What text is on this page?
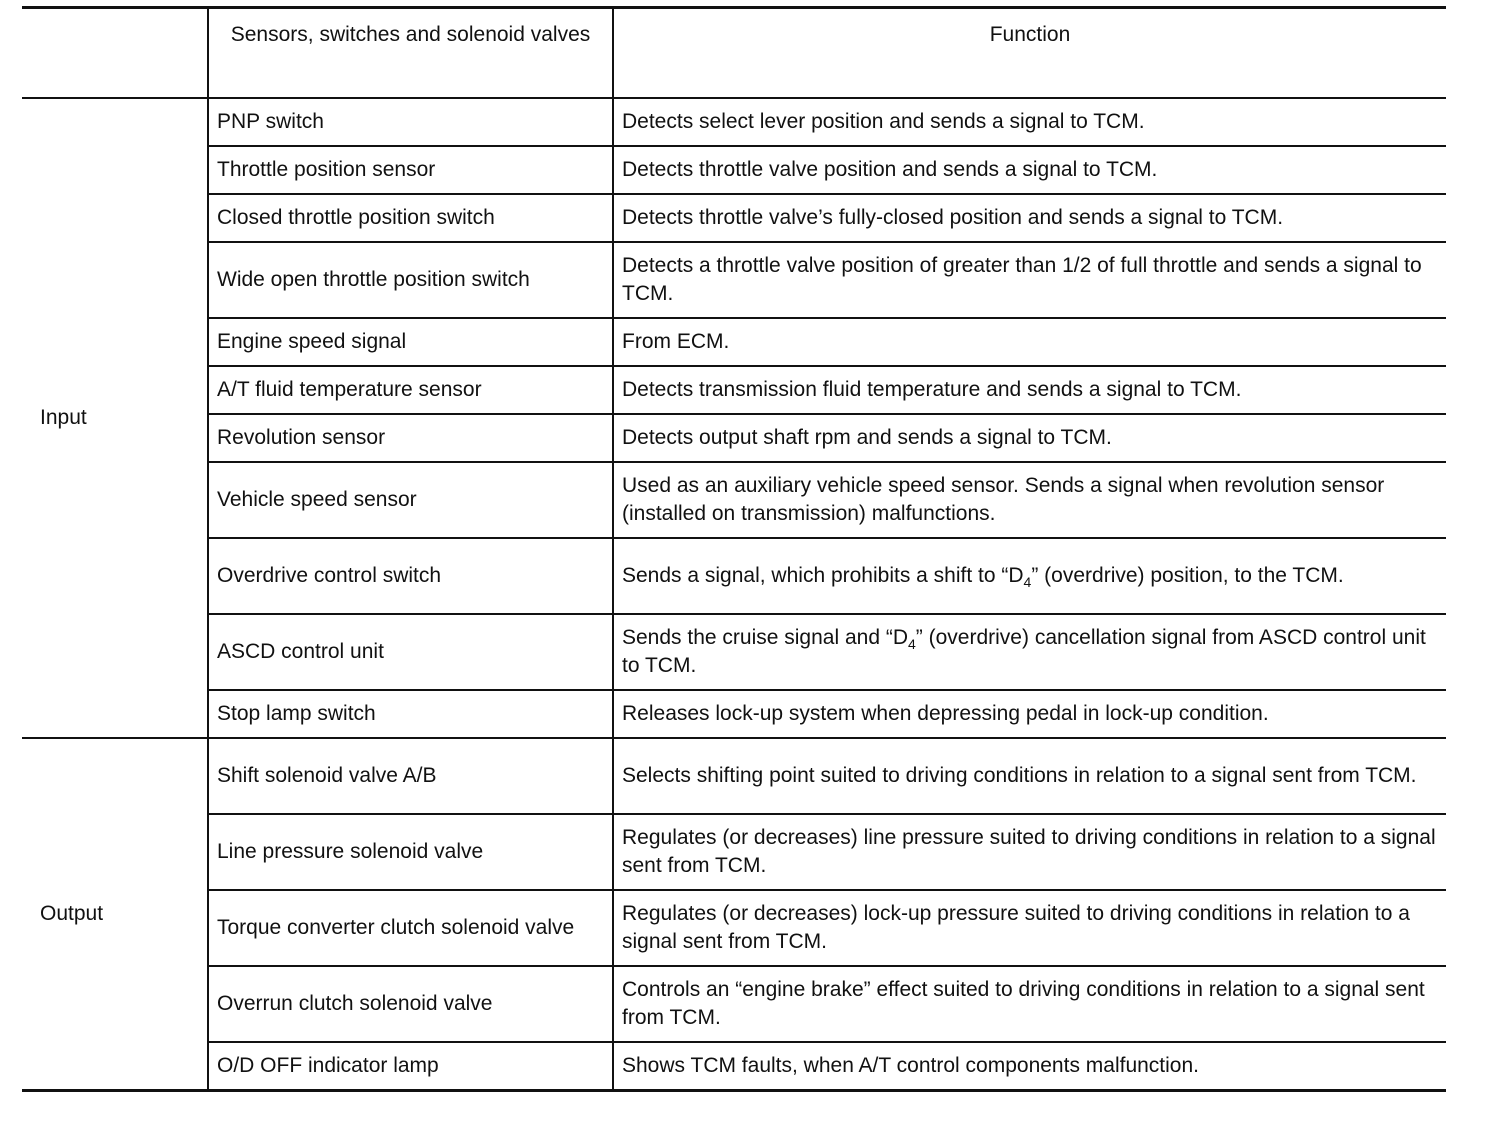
	Sensors, switches and solenoid valves	Function
Input	PNP switch	Detects select lever position and sends a signal to TCM.
	Throttle position sensor	Detects throttle valve position and sends a signal to TCM.
	Closed throttle position switch	Detects throttle valve’s fully-closed position and sends a signal to TCM.
	Wide open throttle position switch	Detects a throttle valve position of greater than 1/2 of full throttle and sends a signal to TCM.
	Engine speed signal	From ECM.
	A/T fluid temperature sensor	Detects transmission fluid temperature and sends a signal to TCM.
	Revolution sensor	Detects output shaft rpm and sends a signal to TCM.
	Vehicle speed sensor	Used as an auxiliary vehicle speed sensor. Sends a signal when revolution sensor (installed on transmission) malfunctions.
	Overdrive control switch	Sends a signal, which prohibits a shift to “$D_4$” (overdrive) position, to the TCM.
	ASCD control unit	Sends the cruise signal and “$D_4$” (overdrive) cancellation signal from ASCD control unit to TCM.
	Stop lamp switch	Releases lock-up system when depressing pedal in lock-up condition.
Output	Shift solenoid valve A/B	Selects shifting point suited to driving conditions in relation to a signal sent from TCM.
	Line pressure solenoid valve	Regulates (or decreases) line pressure suited to driving conditions in relation to a signal sent from TCM.
	Torque converter clutch solenoid valve	Regulates (or decreases) lock-up pressure suited to driving conditions in relation to a signal sent from TCM.
	Overrun clutch solenoid valve	Controls an “engine brake” effect suited to driving conditions in relation to a signal sent from TCM.
	O/D OFF indicator lamp	Shows TCM faults, when A/T control components malfunction.
